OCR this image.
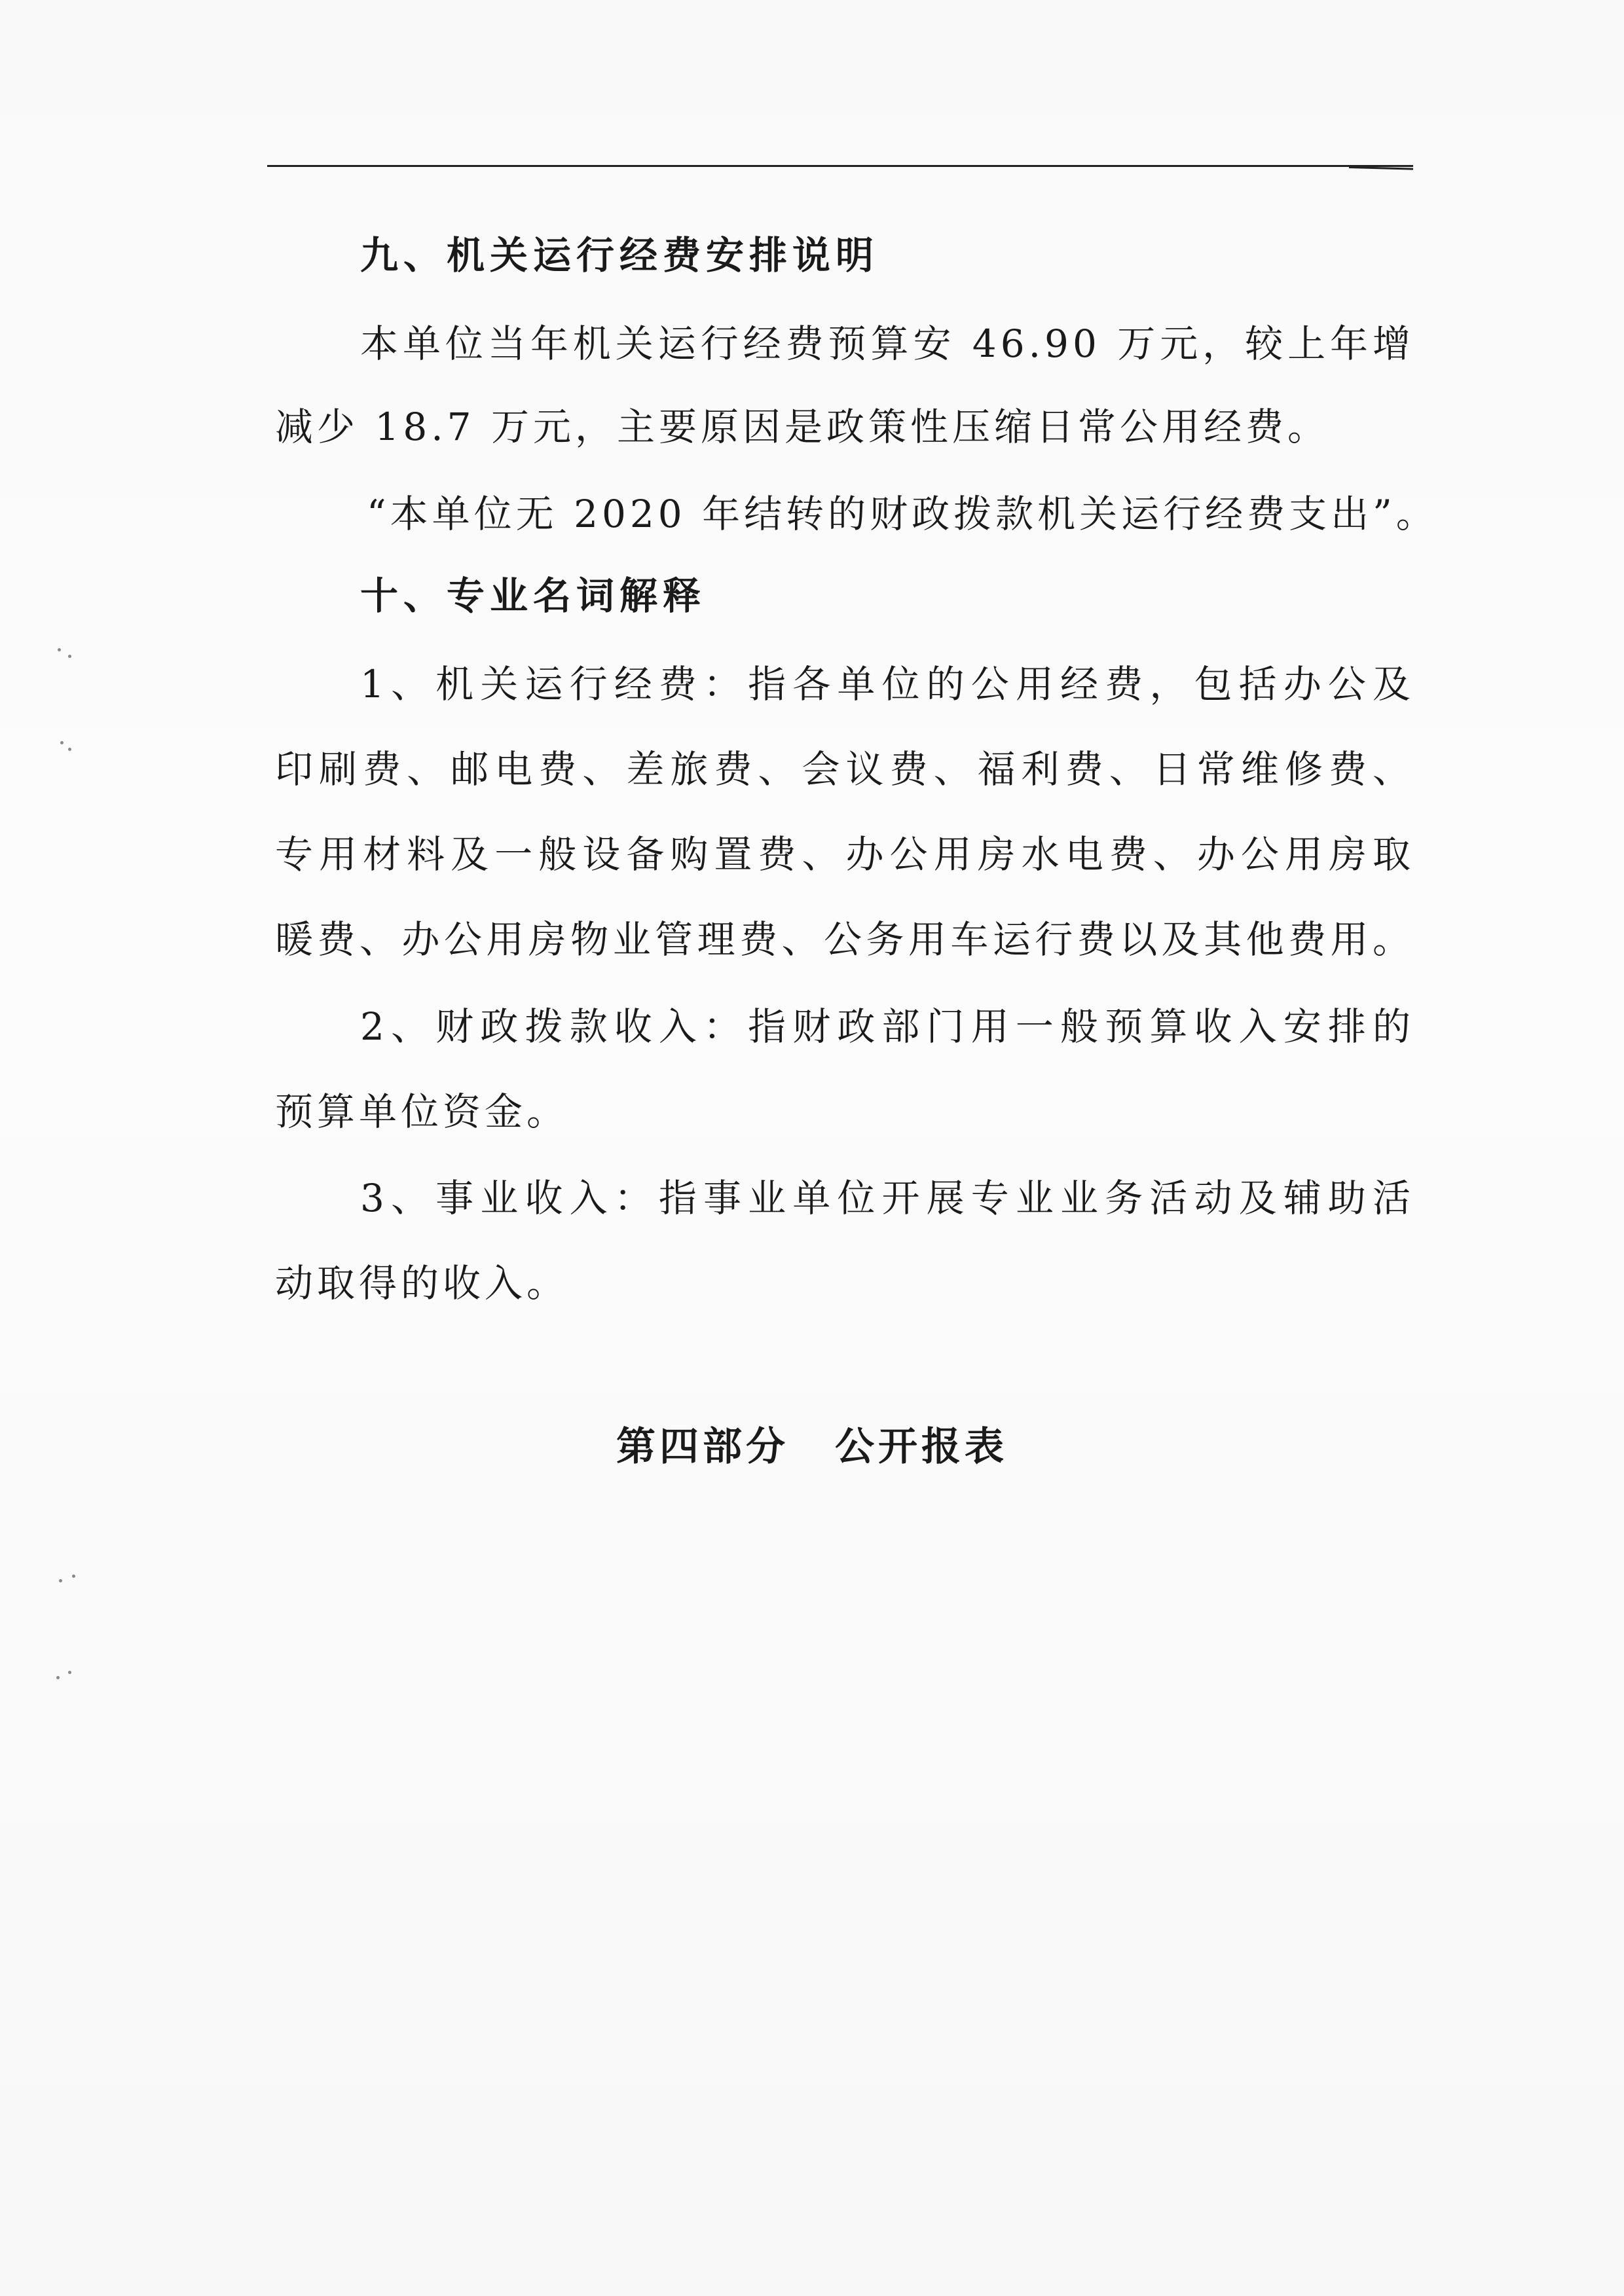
九、机关运行经费安排说明
本单位当年机关运行经费预算安 46.90 万元，较上年增
减少 18.7 万元，主要原因是政策性压缩日常公用经费。
“本单位无 2020 年结转的财政拨款机关运行经费支出”。
十、专业名词解释
1、机关运行经费：指各单位的公用经费，包括办公及
印刷费、邮电费、差旅费、会议费、福利费、日常维修费、
专用材料及一般设备购置费、办公用房水电费、办公用房取
暖费、办公用房物业管理费、公务用车运行费以及其他费用。
2、财政拨款收入：指财政部门用一般预算收入安排的
预算单位资金。
3、事业收入：指事业单位开展专业业务活动及辅助活
动取得的收入。
第四部分 公开报表
